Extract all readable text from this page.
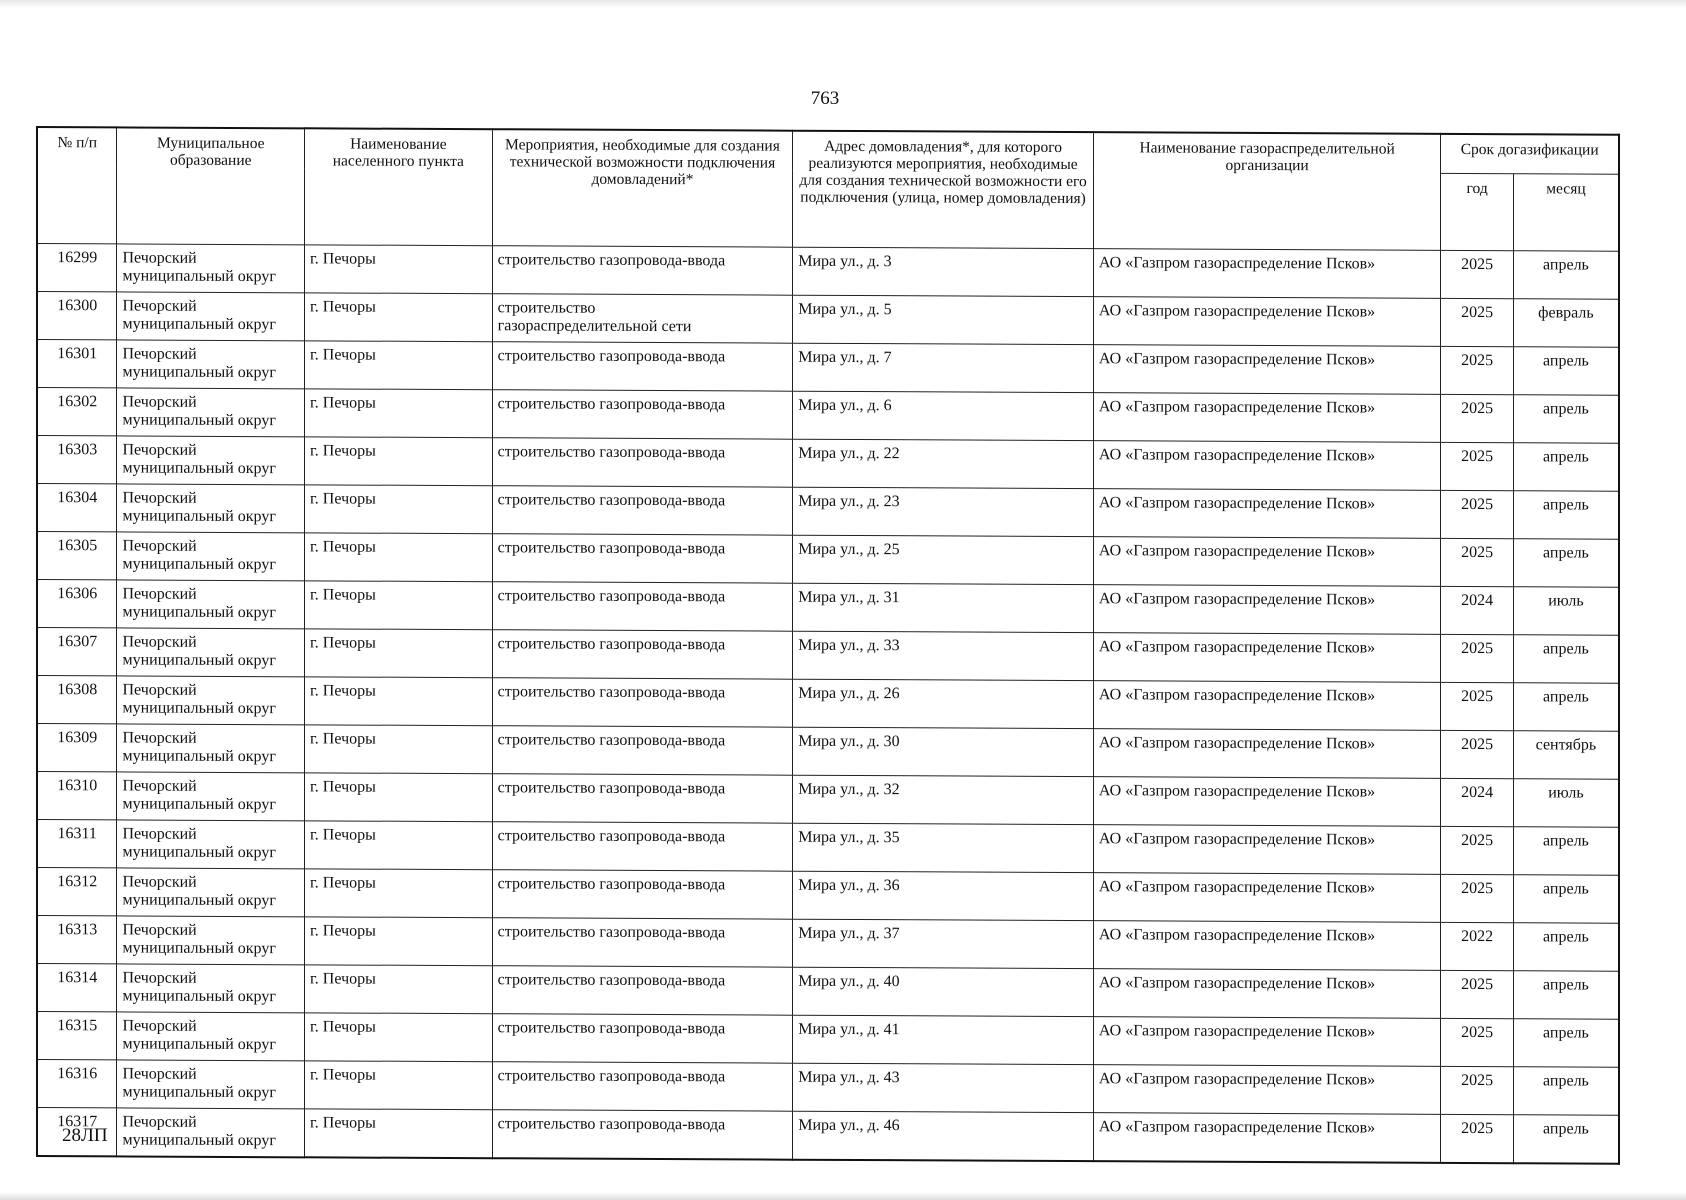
763
№ п/п	Муниципальное образование	Наименование населенного пункта	Мероприятия, необходимые для создания технической возможности подключения домовладений*	Адрес домовладения*, для которого реализуются мероприятия, необходимые для создания технической возможности его подключения (улица, номер домовладения)	Наименование газораспределительной организации	Срок догазификации	
						год	месяц
16299	Печорский
муниципальный округ	г. Печоры	строительство газопровода-ввода	Мира ул., д. 3	АО «Газпром газораспределение Псков»	2025	апрель
16300	Печорский
муниципальный округ	г. Печоры	строительство
газораспределительной сети	Мира ул., д. 5	АО «Газпром газораспределение Псков»	2025	февраль
16301	Печорский
муниципальный округ	г. Печоры	строительство газопровода-ввода	Мира ул., д. 7	АО «Газпром газораспределение Псков»	2025	апрель
16302	Печорский
муниципальный округ	г. Печоры	строительство газопровода-ввода	Мира ул., д. 6	АО «Газпром газораспределение Псков»	2025	апрель
16303	Печорский
муниципальный округ	г. Печоры	строительство газопровода-ввода	Мира ул., д. 22	АО «Газпром газораспределение Псков»	2025	апрель
16304	Печорский
муниципальный округ	г. Печоры	строительство газопровода-ввода	Мира ул., д. 23	АО «Газпром газораспределение Псков»	2025	апрель
16305	Печорский
муниципальный округ	г. Печоры	строительство газопровода-ввода	Мира ул., д. 25	АО «Газпром газораспределение Псков»	2025	апрель
16306	Печорский
муниципальный округ	г. Печоры	строительство газопровода-ввода	Мира ул., д. 31	АО «Газпром газораспределение Псков»	2024	июль
16307	Печорский
муниципальный округ	г. Печоры	строительство газопровода-ввода	Мира ул., д. 33	АО «Газпром газораспределение Псков»	2025	апрель
16308	Печорский
муниципальный округ	г. Печоры	строительство газопровода-ввода	Мира ул., д. 26	АО «Газпром газораспределение Псков»	2025	апрель
16309	Печорский
муниципальный округ	г. Печоры	строительство газопровода-ввода	Мира ул., д. 30	АО «Газпром газораспределение Псков»	2025	сентябрь
16310	Печорский
муниципальный округ	г. Печоры	строительство газопровода-ввода	Мира ул., д. 32	АО «Газпром газораспределение Псков»	2024	июль
16311	Печорский
муниципальный округ	г. Печоры	строительство газопровода-ввода	Мира ул., д. 35	АО «Газпром газораспределение Псков»	2025	апрель
16312	Печорский
муниципальный округ	г. Печоры	строительство газопровода-ввода	Мира ул., д. 36	АО «Газпром газораспределение Псков»	2025	апрель
16313	Печорский
муниципальный округ	г. Печоры	строительство газопровода-ввода	Мира ул., д. 37	АО «Газпром газораспределение Псков»	2022	апрель
16314	Печорский
муниципальный округ	г. Печоры	строительство газопровода-ввода	Мира ул., д. 40	АО «Газпром газораспределение Псков»	2025	апрель
16315	Печорский
муниципальный округ	г. Печоры	строительство газопровода-ввода	Мира ул., д. 41	АО «Газпром газораспределение Псков»	2025	апрель
16316	Печорский
муниципальный округ	г. Печоры	строительство газопровода-ввода	Мира ул., д. 43	АО «Газпром газораспределение Псков»	2025	апрель
16317	Печорский
муниципальный округ	г. Печоры	строительство газопровода-ввода	Мира ул., д. 46	АО «Газпром газораспределение Псков»	2025	апрель
28ЛП
